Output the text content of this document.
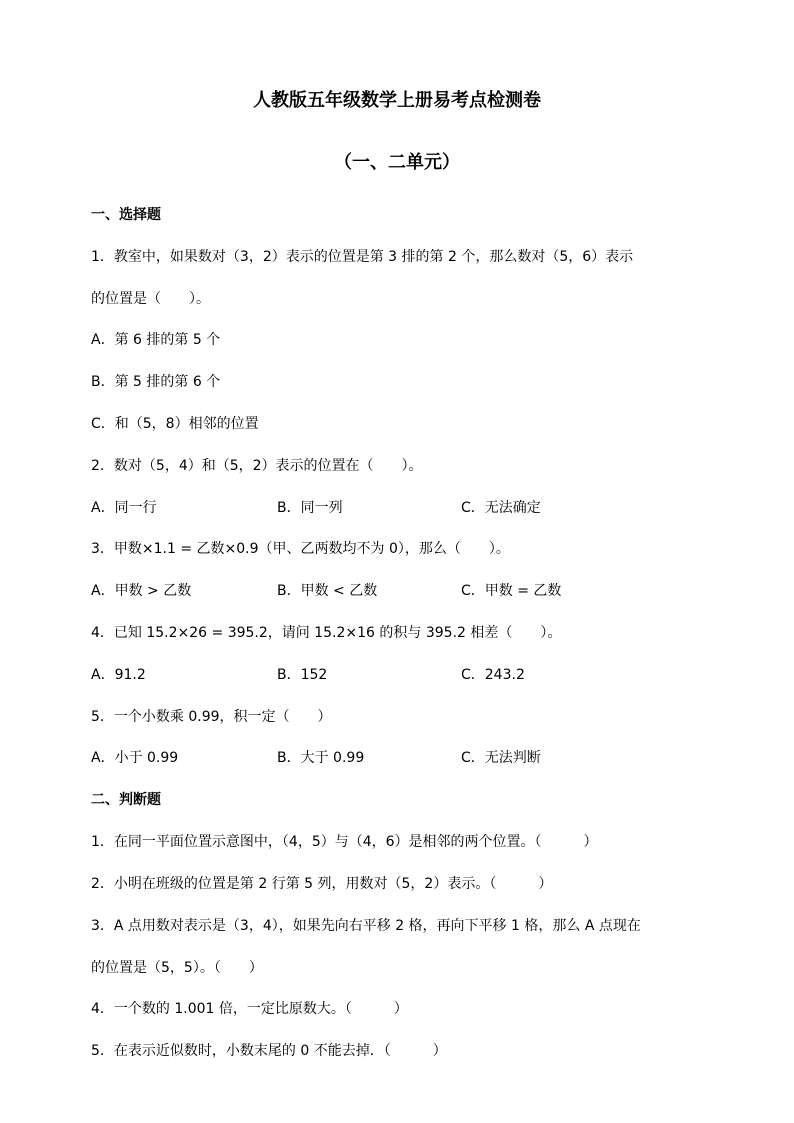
人教版五年级数学上册易考点检测卷
（一、二单元）
一、选择题
1．教室中，如果数对（3，2）表示的位置是第 3 排的第 2 个，那么数对（5，6）表示
的位置是（　　）。
A．第 6 排的第 5 个
B．第 5 排的第 6 个
C．和（5，8）相邻的位置
2．数对（5，4）和（5，2）表示的位置在（　　）。
A．同一行	B．同一列	C．无法确定
3．甲数×1.1 = 乙数×0.9（甲、乙两数均不为 0），那么（　　）。
A．甲数 > 乙数	B．甲数 < 乙数	C．甲数 = 乙数
4．已知 15.2×26 = 395.2，请问 15.2×16 的积与 395.2 相差（　　）。
A．91.2	B．152	C．243.2
5．一个小数乘 0.99，积一定（　　）
A．小于 0.99	B．大于 0.99	C．无法判断
二、判断题
1．在同一平面位置示意图中，（4，5）与（4，6）是相邻的两个位置。（　　　）
2．小明在班级的位置是第 2 行第 5 列，用数对（5，2）表示。（　　　）
3．A 点用数对表示是（3，4），如果先向右平移 2 格，再向下平移 1 格，那么 A 点现在
的位置是（5，5）。（　　）
4．一个数的 1.001 倍，一定比原数大。（　　　）
5．在表示近似数时，小数末尾的 0 不能去掉．（　　　）
